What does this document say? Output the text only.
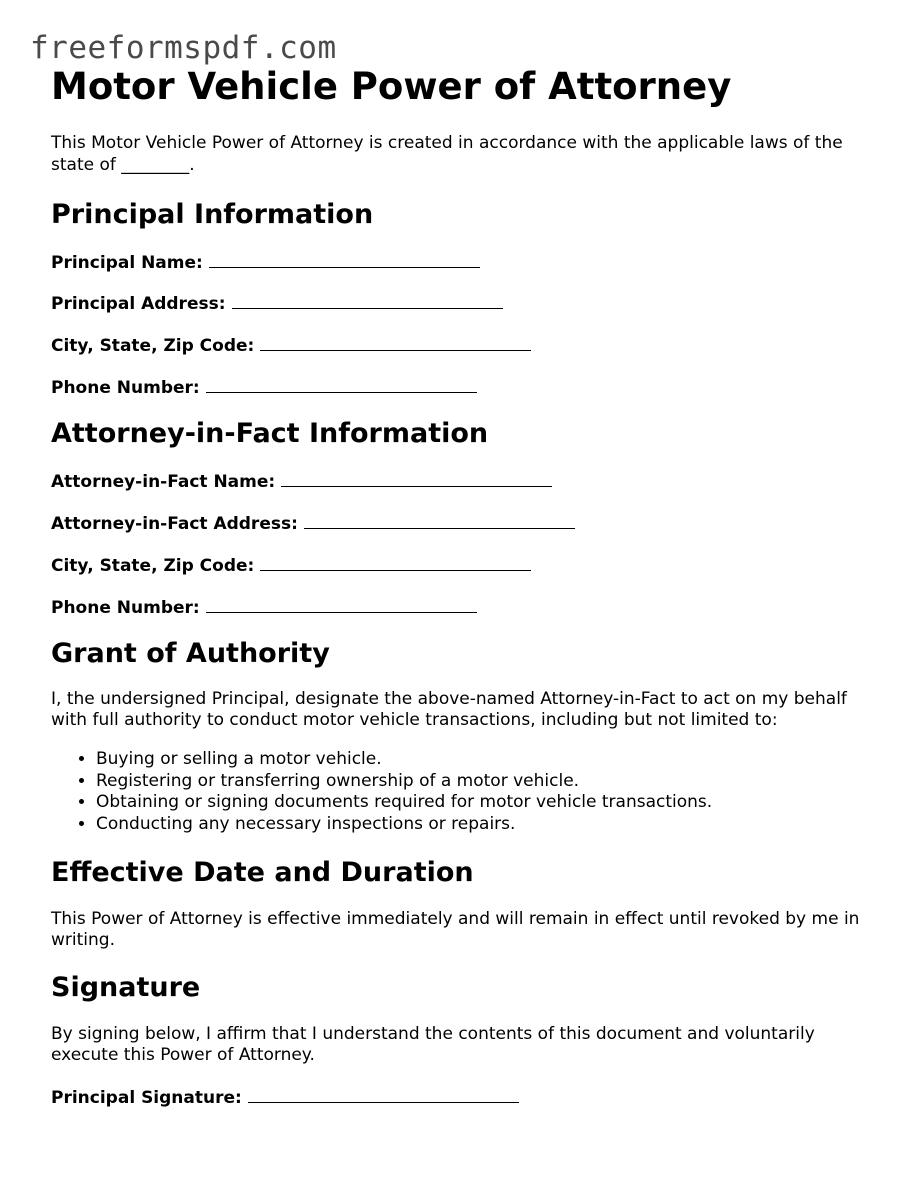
freeformspdf.com
Motor Vehicle Power of Attorney

This Motor Vehicle Power of Attorney is created in accordance with the applicable laws of the state of ________.

Principal Information
Principal Name:
Principal Address:
City, State, Zip Code:
Phone Number:
Attorney-in-Fact Information
Attorney-in-Fact Name:
Attorney-in-Fact Address:
City, State, Zip Code:
Phone Number:
Grant of Authority

I, the undersigned Principal, designate the above-named Attorney-in-Fact to act on my behalf with full authority to conduct motor vehicle transactions, including but not limited to:

• Buying or selling a motor vehicle.
• Registering or transferring ownership of a motor vehicle.
• Obtaining or signing documents required for motor vehicle transactions.
• Conducting any necessary inspections or repairs.
Effective Date and Duration

This Power of Attorney is effective immediately and will remain in effect until revoked by me in writing.

Signature

By signing below, I affirm that I understand the contents of this document and voluntarily execute this Power of Attorney.

Principal Signature:
